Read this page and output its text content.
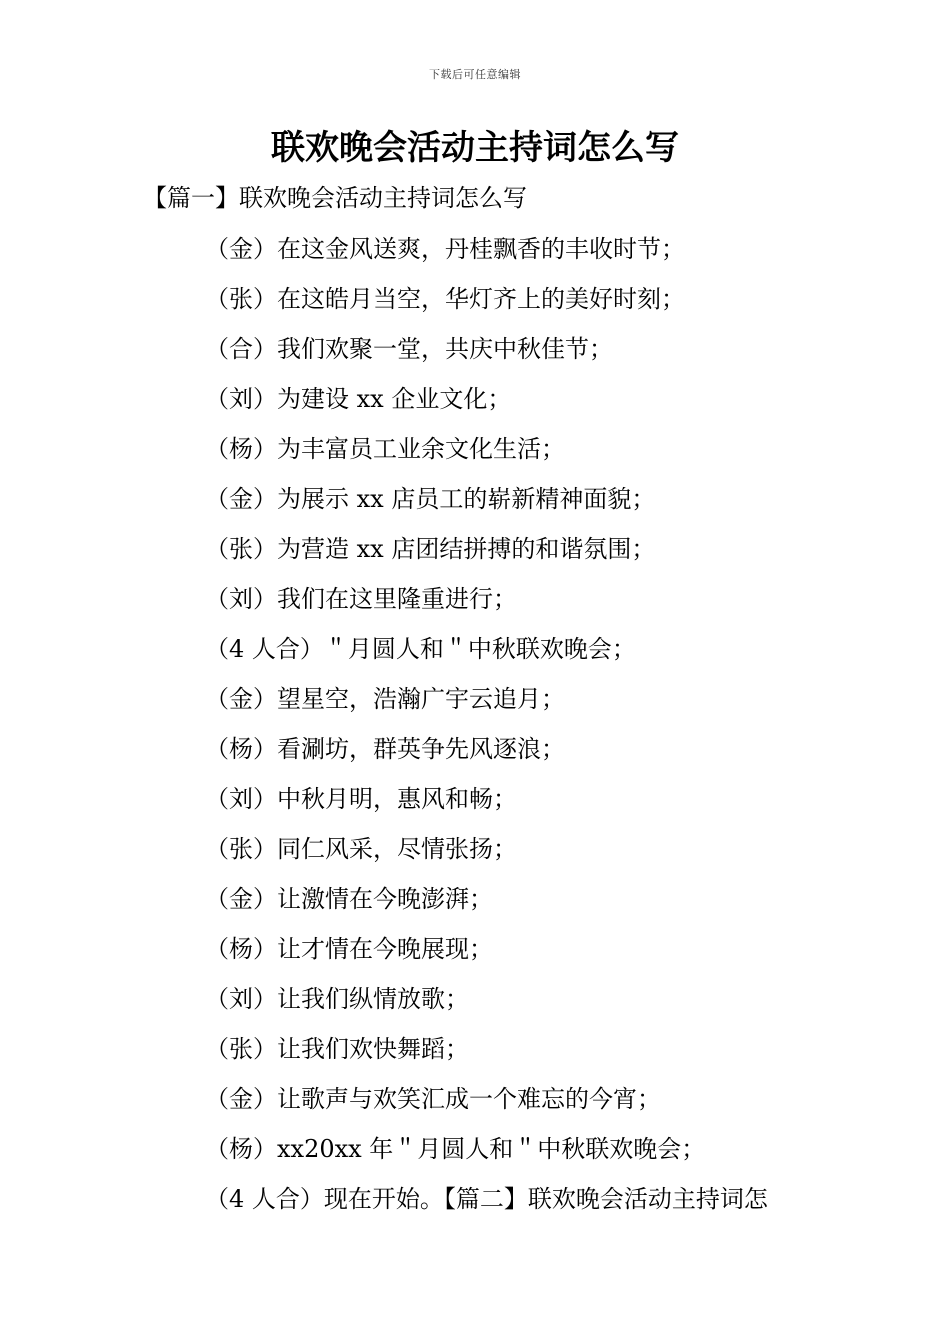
下载后可任意编辑
联欢晚会活动主持词怎么写
【篇一】联欢晚会活动主持词怎么写
（金）在这金风送爽，丹桂飘香的丰收时节；
（张）在这皓月当空，华灯齐上的美好时刻；
（合）我们欢聚一堂，共庆中秋佳节；
（刘）为建设 xx 企业文化；
（杨）为丰富员工业余文化生活；
（金）为展示 xx 店员工的崭新精神面貌；
（张）为营造 xx 店团结拼搏的和谐氛围；
（刘）我们在这里隆重进行；
（4 人合）＂月圆人和＂中秋联欢晚会；
（金）望星空，浩瀚广宇云追月；
（杨）看涮坊，群英争先风逐浪；
（刘）中秋月明，惠风和畅；
（张）同仁风采，尽情张扬；
（金）让激情在今晚澎湃；
（杨）让才情在今晚展现；
（刘）让我们纵情放歌；
（张）让我们欢快舞蹈；
（金）让歌声与欢笑汇成一个难忘的今宵；
（杨）xx20xx 年＂月圆人和＂中秋联欢晚会；
（4 人合）现在开始。【篇二】联欢晚会活动主持词怎
